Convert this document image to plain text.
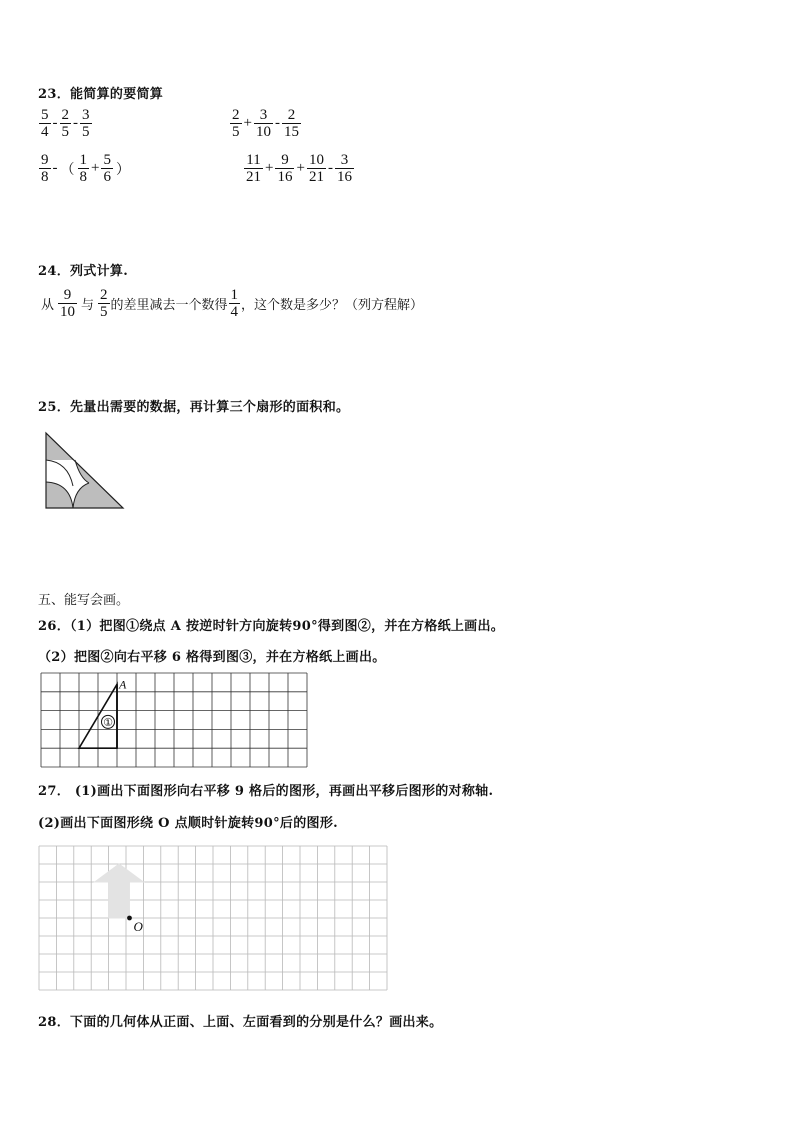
23．能简算的要简算
$\frac{5}{4} - \frac{2}{5} - \frac{3}{5}$	$\frac{2}{5} + \frac{3}{10} - \frac{2}{15}$
$\frac{9}{8}$ - （ $\frac{1}{8} + \frac{5}{6}$ ）	$\frac{11}{21} + \frac{9}{16} + \frac{10}{21} - \frac{3}{16}$
24．列式计算.
从 $\frac{9}{10}$ 与 $\frac{2}{5}$ 的差里减去一个数得 $\frac{1}{4}$ ，这个数是多少？（列方程解）
25．先量出需要的数据，再计算三个扇形的面积和。
五、能写会画。
26．（1）把图①绕点 A 按逆时针方向旋转90°得到图②，并在方格纸上画出。
（2）把图②向右平移 6 格得到图③，并在方格纸上画出。
A
①
27． (1)画出下面图形向右平移 9 格后的图形，再画出平移后图形的对称轴.
(2)画出下面图形绕 O 点顺时针旋转90°后的图形.
O
28．下面的几何体从正面、上面、左面看到的分别是什么？画出来。
